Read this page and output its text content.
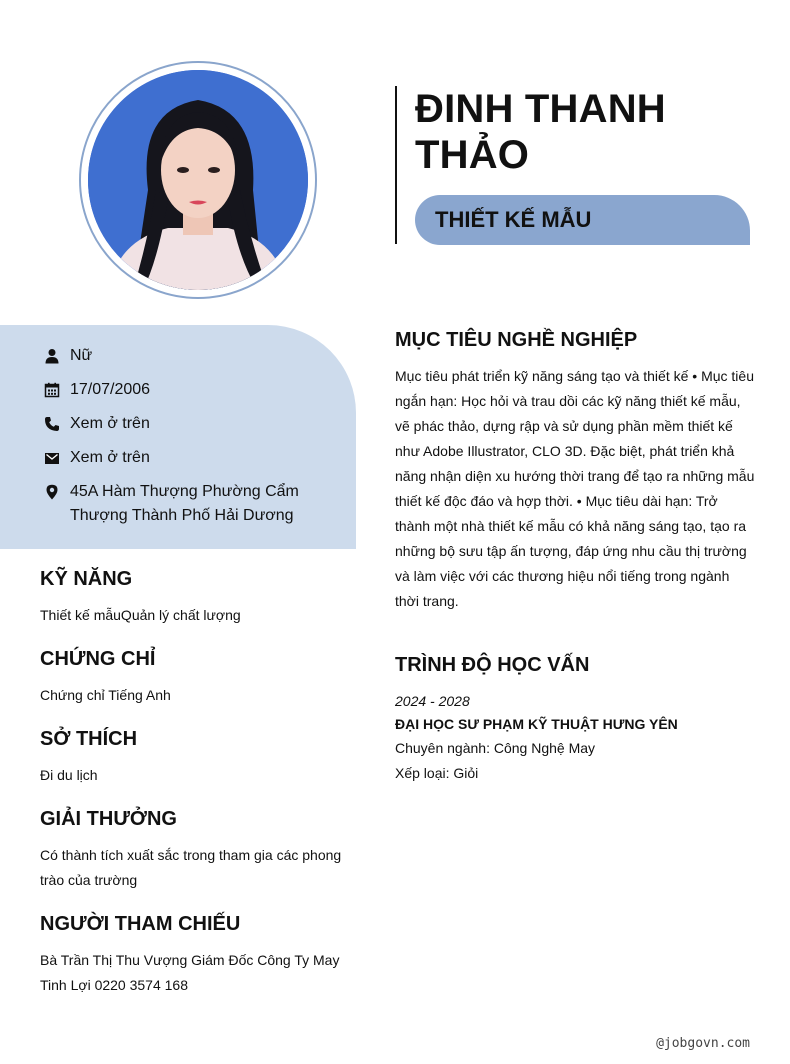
ĐINH THANH THẢO
THIẾT KẾ MẪU
Nữ
17/07/2006
Xem ở trên
Xem ở trên
45A Hàm Thượng Phường Cẩm Thượng Thành Phố Hải Dương
KỸ NĂNG
Thiết kế mẫuQuản lý chất lượng
CHỨNG CHỈ
Chứng chỉ Tiếng Anh
SỞ THÍCH
Đi du lịch
GIẢI THƯỞNG
Có thành tích xuất sắc trong tham gia các phong trào của trường
NGƯỜI THAM CHIẾU
Bà Trần Thị Thu Vượng Giám Đốc Công Ty May Tinh Lợi 0220 3574 168
MỤC TIÊU NGHỀ NGHIỆP
Mục tiêu phát triển kỹ năng sáng tạo và thiết kế • Mục tiêu ngắn hạn: Học hỏi và trau dồi các kỹ năng thiết kế mẫu, vẽ phác thảo, dựng rập và sử dụng phần mềm thiết kế như Adobe Illustrator, CLO 3D. Đặc biệt, phát triển khả năng nhận diện xu hướng thời trang để tạo ra những mẫu thiết kế độc đáo và hợp thời. • Mục tiêu dài hạn: Trở thành một nhà thiết kế mẫu có khả năng sáng tạo, tạo ra những bộ sưu tập ấn tượng, đáp ứng nhu cầu thị trường và làm việc với các thương hiệu nổi tiếng trong ngành thời trang.
TRÌNH ĐỘ HỌC VẤN
2024 - 2028
ĐẠI HỌC SƯ PHẠM KỸ THUẬT HƯNG YÊN
Chuyên ngành: Công Nghệ May
Xếp loại: Giỏi
@jobgovn.com
